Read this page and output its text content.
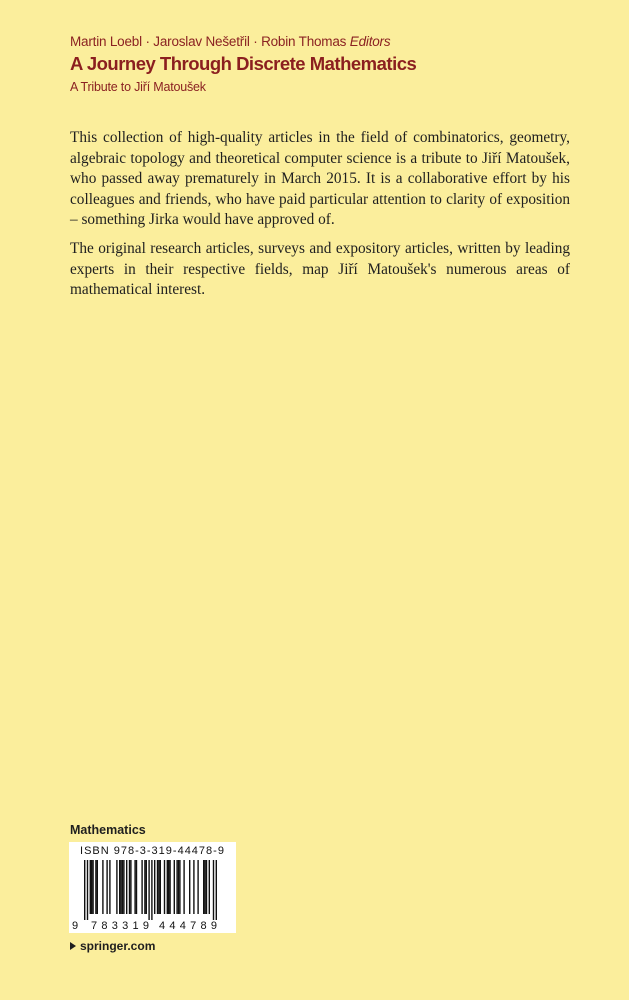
Martin Loebl · Jaroslav Nešetřil · Robin Thomas Editors
A Journey Through Discrete Mathematics
A Tribute to Jiří Matoušek

This collection of high-quality articles in the field of combinatorics, geometry, algebraic topology and theoretical computer science is a tribute to Jiří Matoušek, who passed away prematurely in March 2015. It is a collaborative effort by his colleagues and friends, who have paid particular attention to clarity of exposition – something Jirka would have approved of.

The original research articles, surveys and expository articles, written by leading experts in their respective fields, map Jiří Matoušek's numerous areas of mathematical interest.

Mathematics
9 783319 444789
ISBN 978-3-319-44478-9
springer.com
